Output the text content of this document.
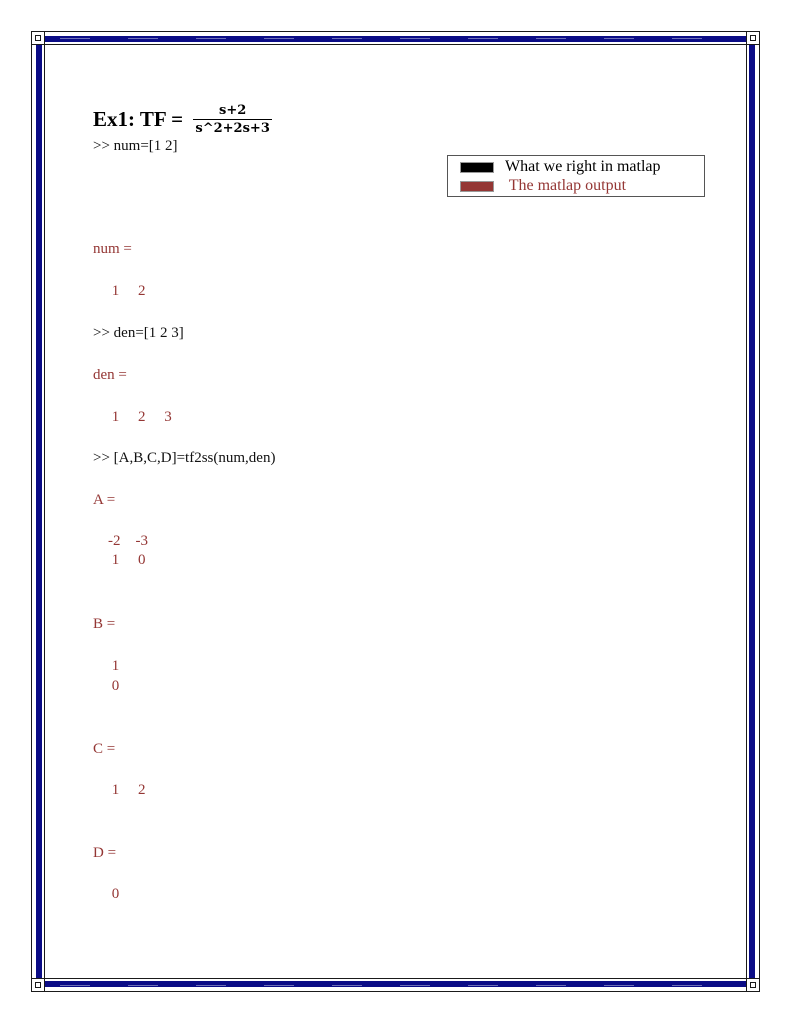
Ex1: TF = $\frac{s+2}{s\^{}2+2s+3}$
What we right in matlap
The matlap output
>> num=[1 2]
num =
1     2
>> den=[1 2 3]
den =
1     2     3
>> [A,B,C,D]=tf2ss(num,den)
A =
-2    -3
1     0
B =
1
0
C =
1     2
D =
0
